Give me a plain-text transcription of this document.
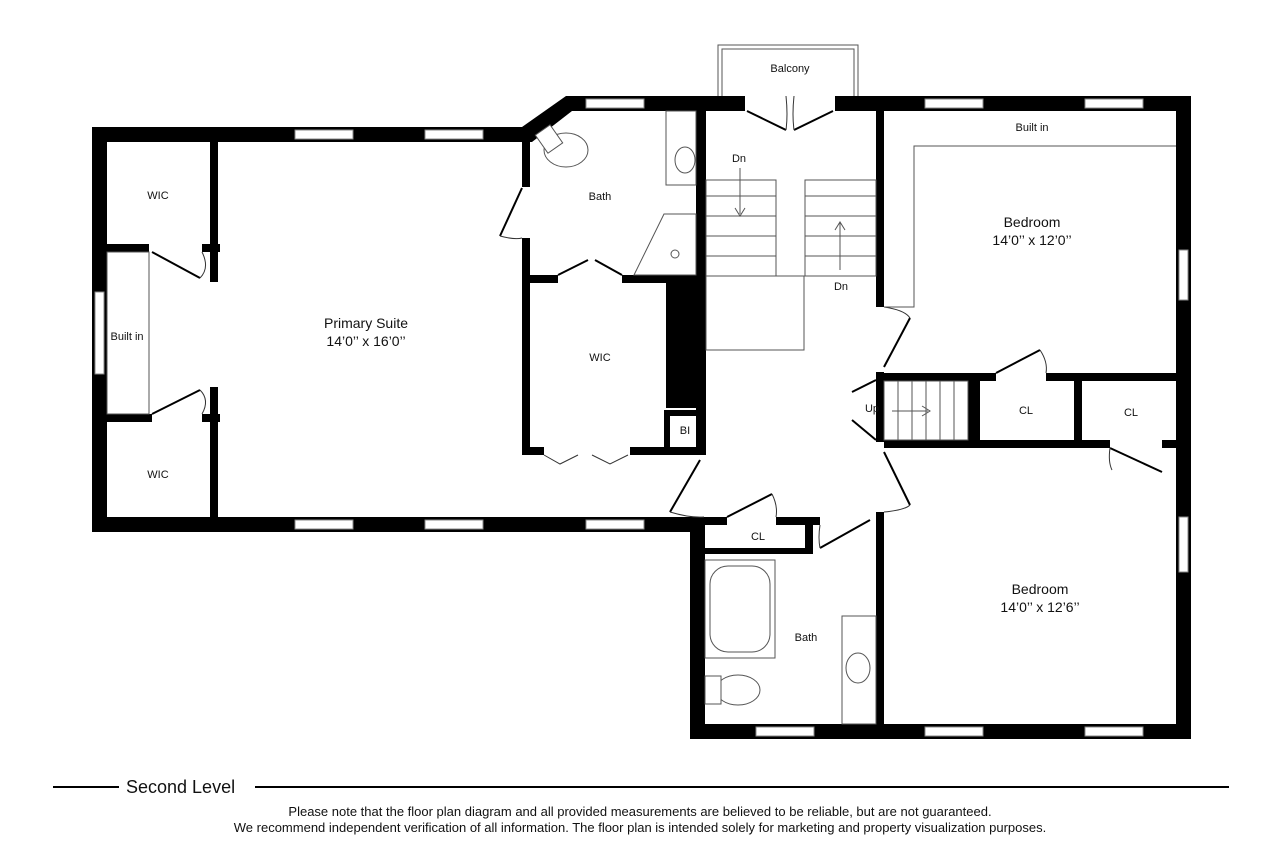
Primary Suite
14’0’’ x 16’0’’
Bedroom
14’0’’ x 12’0’’
Bedroom
14’0’’ x 12’6’’
WIC
WIC
WIC
Built in
Built in
Bath
Bath
Balcony
BI
CL
CL	CL
Dn
Dn
Up
Second Level
Please note that the floor plan diagram and all provided measurements are believed to be reliable, but are not guaranteed.
We recommend independent verification of all information. The floor plan is intended solely for marketing and property visualization purposes.
